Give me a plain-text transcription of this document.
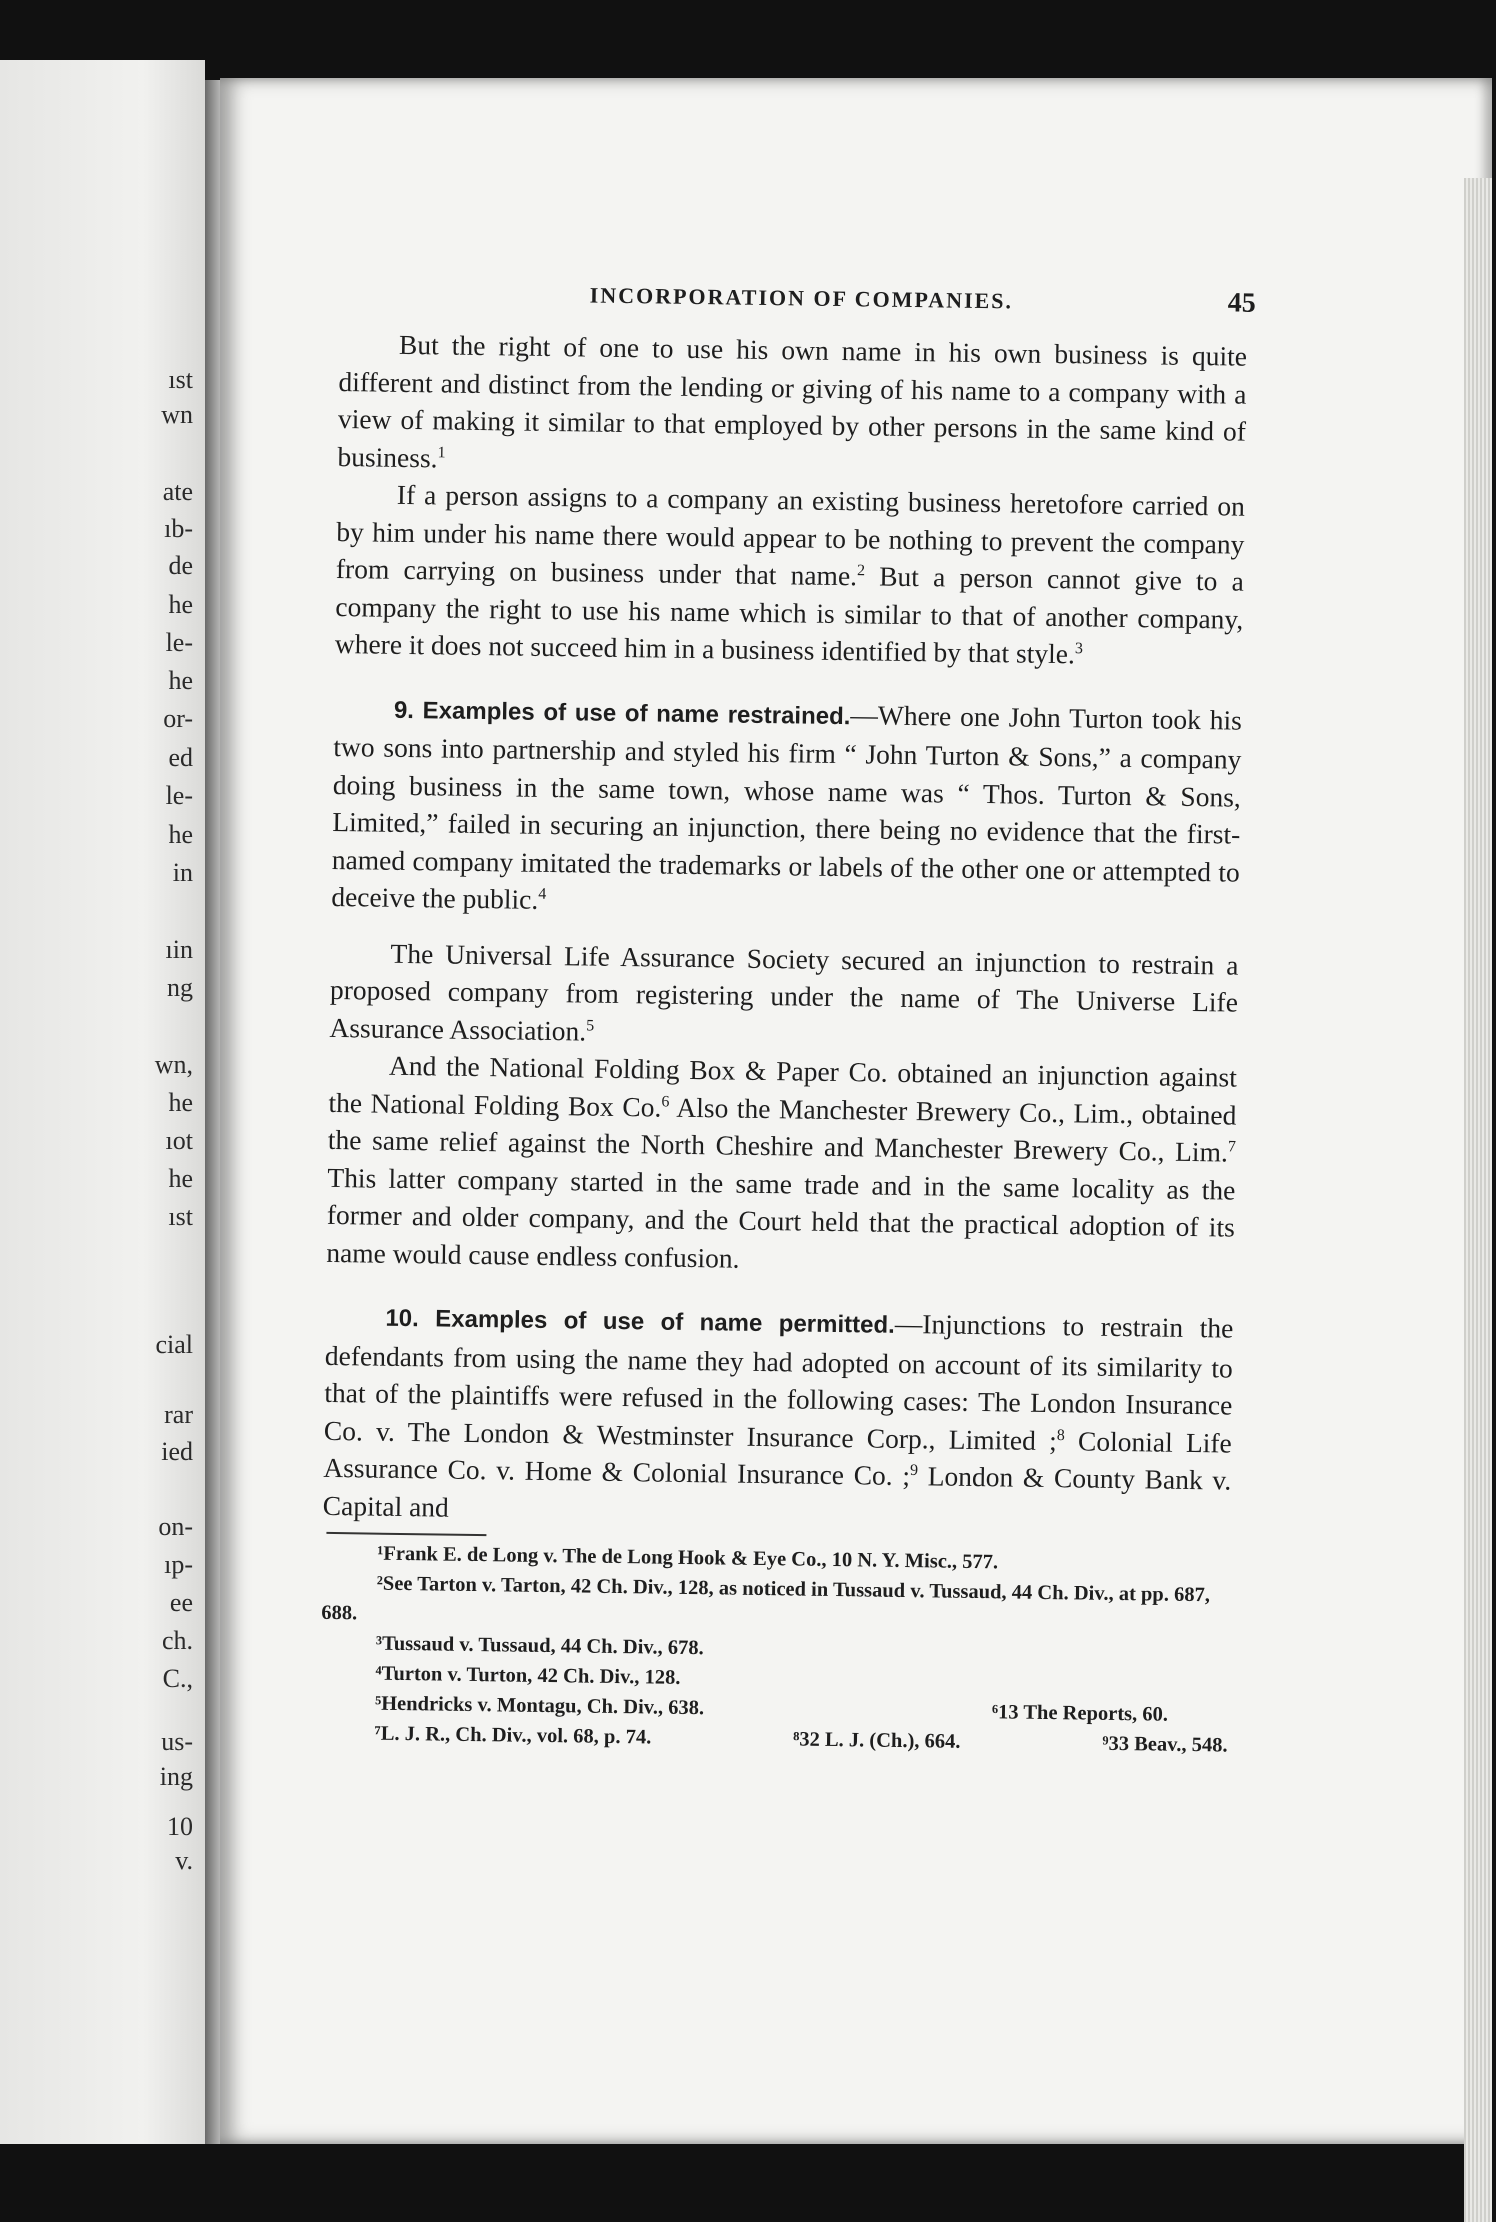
ıst
wn
ate
ıb-
de
he
le-
he
or-
ed
le-
he
in
ıin
ng
wn,
he
ıot
he
ıst
cial
rar
ied
on-
ıp-
ee
ch.
C.,
us-
ing
10
v.
INCORPORATION OF COMPANIES.	45

But the right of one to use his own name in his own business is quite different and distinct from the lending or giving of his name to a company with a view of making it similar to that employed by other persons in the same kind of business.$^1$

If a person assigns to a company an existing business heretofore carried on by him under his name there would appear to be nothing to prevent the company from carrying on business under that name.$^2$ But a person cannot give to a company the right to use his name which is similar to that of another company, where it does not succeed him in a business identified by that style.$^3$

9. Examples of use of name restrained.—Where one John Turton took his two sons into partnership and styled his firm “ John Turton & Sons,” a company doing business in the same town, whose name was “ Thos. Turton & Sons, Limited,” failed in securing an injunction, there being no evidence that the first-named company imitated the trademarks or labels of the other one or attempted to deceive the public.$^4$

The Universal Life Assurance Society secured an injunction to restrain a proposed company from registering under the name of The Universe Life Assurance Association.$^5$

And the National Folding Box & Paper Co. obtained an injunction against the National Folding Box Co.$^6$ Also the Manchester Brewery Co., Lim., obtained the same relief against the North Cheshire and Manchester Brewery Co., Lim.$^7$ This latter company started in the same trade and in the same locality as the former and older company, and the Court held that the practical adoption of its name would cause endless confusion.

10. Examples of use of name permitted.—Injunctions to restrain the defendants from using the name they had adopted on account of its similarity to that of the plaintiffs were refused in the following cases: The London Insurance Co. v. The London & Westminster Insurance Corp., Limited ;$^8$ Colonial Life Assurance Co. v. Home & Colonial Insurance Co. ;$^9$ London & County Bank v. Capital and

¹Frank E. de Long v. The de Long Hook & Eye Co., 10 N. Y. Misc., 577.

²See Tarton v. Tarton, 42 Ch. Div., 128, as noticed in Tussaud v. Tussaud, 44 Ch. Div., at pp. 687, 688.

³Tussaud v. Tussaud, 44 Ch. Div., 678.

⁴Turton v. Turton, 42 Ch. Div., 128.

⁵Hendricks v. Montagu, Ch. Div., 638.	⁶13 The Reports, 60.
⁷L. J. R., Ch. Div., vol. 68, p. 74.	⁸32 L. J. (Ch.), 664.	⁹33 Beav., 548.
